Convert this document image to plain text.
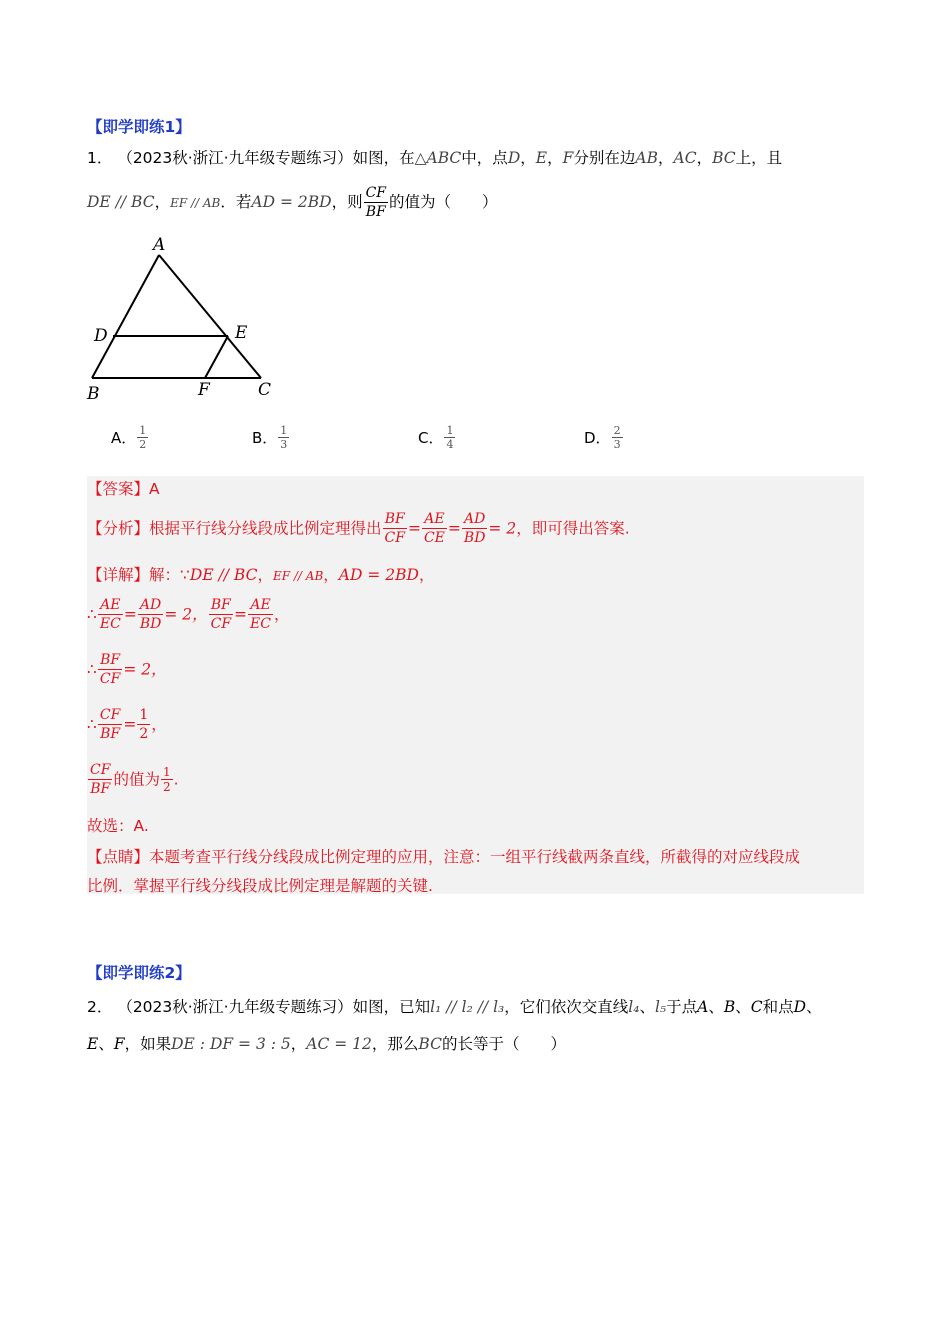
【即学即练1】
1． （2023秋·浙江·九年级专题练习）如图，在△ABC中，点D，E，F分别在边AB，AC，BC上，且
DE // BC，EF // AB．若AD = 2BD，则 $\frac{CF}{BF}$ 的值为（　　）
A
D	E
B	F	C
A． $\frac{1}{2}$	B． $\frac{1}{3}$	C． $\frac{1}{4}$	D． $\frac{2}{3}$
【答案】A
【分析】根据平行线分线段成比例定理得出 $\frac{BF}{CF} = \frac{AE}{CE} = \frac{AD}{BD} = 2$，即可得出答案.
【详解】解：∵DE // BC，EF // AB，AD = 2BD，
∴ $\frac{AE}{EC} = \frac{AD}{BD} = 2$， $\frac{BF}{CF} = \frac{AE}{EC}$ ，
∴ $\frac{BF}{CF} = 2$，
∴ $\frac{CF}{BF} = \frac{1}{2}$ ，
$\frac{CF}{BF}$ 的值为 $\frac{1}{2}$ .
故选：A.
【点睛】本题考查平行线分线段成比例定理的应用，注意：一组平行线截两条直线，所截得的对应线段成
比例．掌握平行线分线段成比例定理是解题的关键.
【即学即练2】
2． （2023秋·浙江·九年级专题练习）如图，已知l₁ // l₂ // l₃，它们依次交直线l₄、l₅于点A、B、C和点D、
E、F，如果DE : DF = 3 : 5，AC = 12，那么BC的长等于（　　）
